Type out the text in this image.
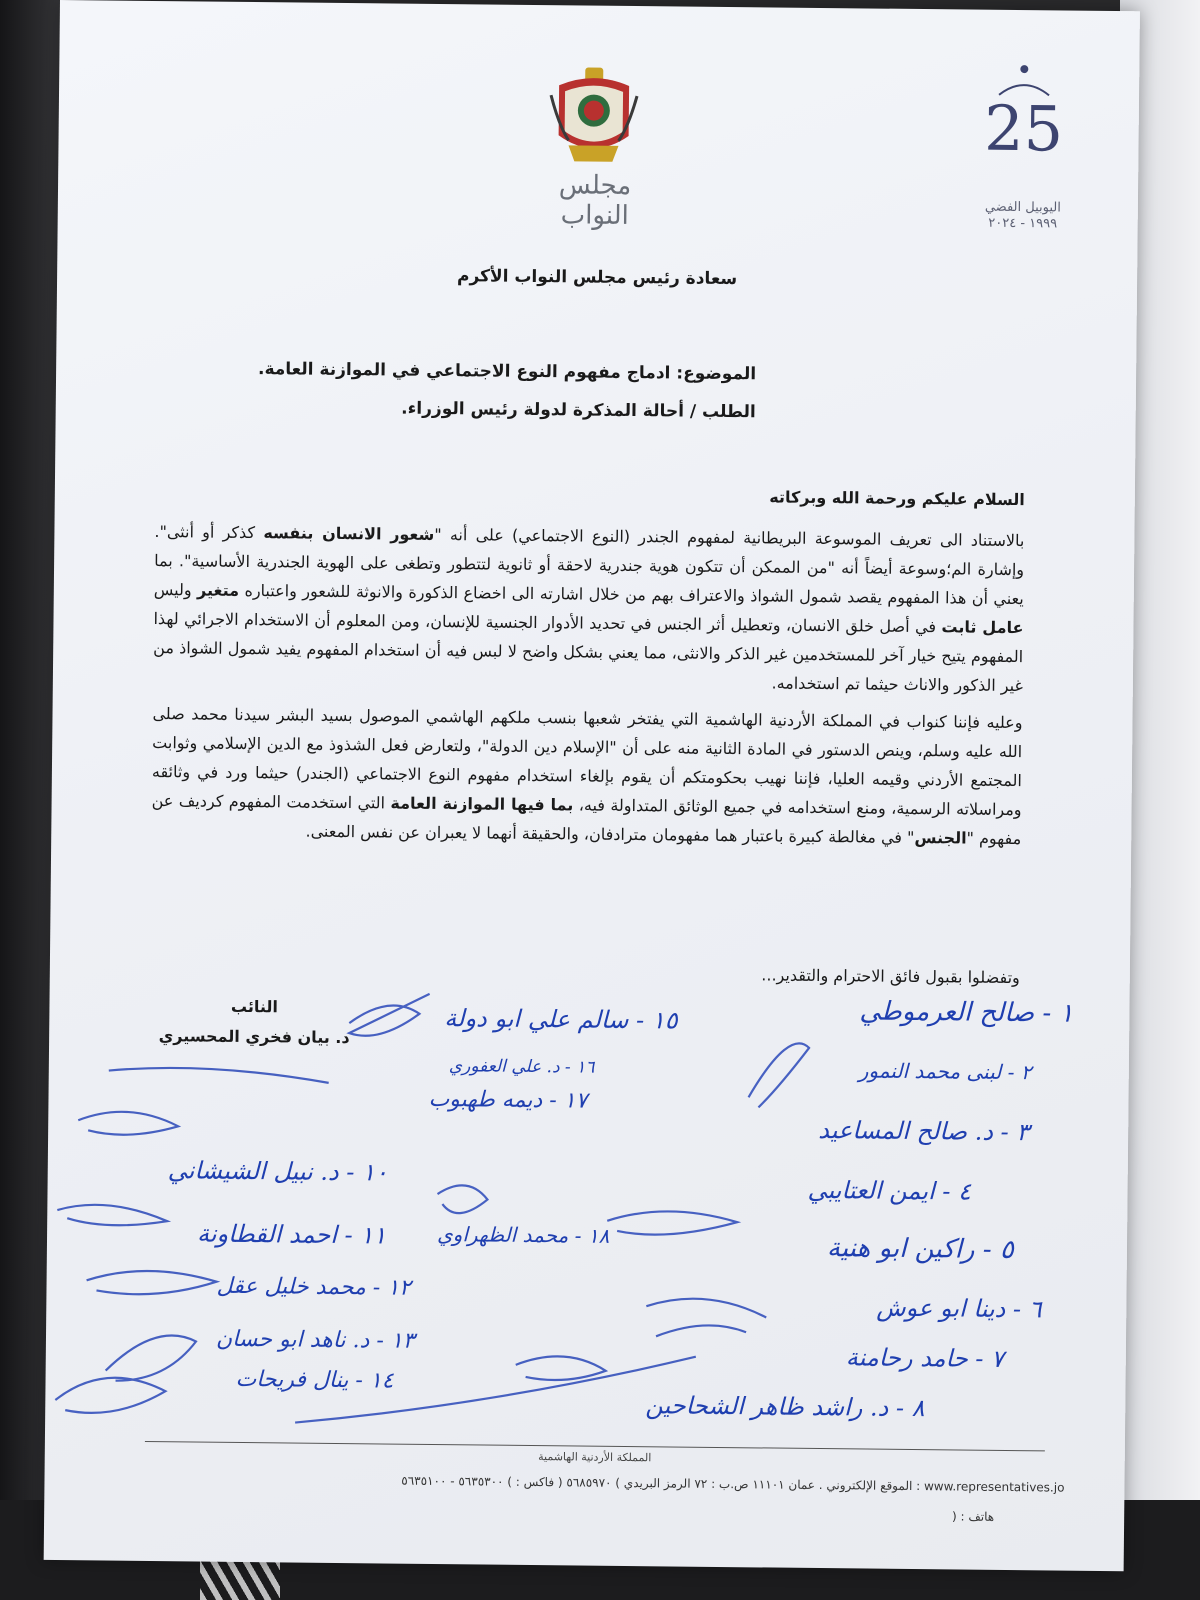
مجلس النواب
25
اليوبيل الفضي
١٩٩٩ - ٢٠٢٤
سعادة رئيس مجلس النواب الأكرم
الموضوع: ادماج مفهوم النوع الاجتماعي في الموازنة العامة.
الطلب / أحالة المذكرة لدولة رئيس الوزراء.
السلام عليكم ورحمة الله وبركاته

بالاستناد الى تعريف الموسوعة البريطانية لمفهوم الجندر (النوع الاجتماعي) على أنه "شعور الانسان بنفسه كذكر أو أنثى". وإشارة الم؛وسوعة أيضاً أنه "من الممكن أن تتكون هوية جندرية لاحقة أو ثانوية لتتطور وتطغى على الهوية الجندرية الأساسية". بما يعني أن هذا المفهوم يقصد شمول الشواذ والاعتراف بهم من خلال اشارته الى اخضاع الذكورة والانوثة للشعور واعتباره متغير وليس عامل ثابت في أصل خلق الانسان، وتعطيل أثر الجنس في تحديد الأدوار الجنسية للإنسان، ومن المعلوم أن الاستخدام الاجرائي لهذا المفهوم يتيح خيار آخر للمستخدمين غير الذكر والانثى، مما يعني بشكل واضح لا لبس فيه أن استخدام المفهوم يفيد شمول الشواذ من غير الذكور والاناث حيثما تم استخدامه.

وعليه فإننا كنواب في المملكة الأردنية الهاشمية التي يفتخر شعبها بنسب ملكهم الهاشمي الموصول بسيد البشر سيدنا محمد صلى الله عليه وسلم، وينص الدستور في المادة الثانية منه على أن "الإسلام دين الدولة"، ولتعارض فعل الشذوذ مع الدين الإسلامي وثوابت المجتمع الأردني وقيمه العليا، فإننا نهيب بحكومتكم أن يقوم بإلغاء استخدام مفهوم النوع الاجتماعي (الجندر) حيثما ورد في وثائقه ومراسلاته الرسمية، ومنع استخدامه في جميع الوثائق المتداولة فيه، بما فيها الموازنة العامة التي استخدمت المفهوم كرديف عن مفهوم "الجنس" في مغالطة كبيرة باعتبار هما مفهومان مترادفان، والحقيقة أنهما لا يعبران عن نفس المعنى.

وتفضلوا بقبول فائق الاحترام والتقدير...
النائب
د. بيان فخري المحسيري
١ - صالح العرموطي
٢ - لبنى محمد النمور
٣ - د. صالح المساعيد
٤ - ايمن العتايبي
٥ - راكين ابو هنية
٦ - دينا ابو عوش
٧ - حامد رحامنة
٨ - د. راشد ظاهر الشحاحين
١٠ - د. نبيل الشيشاني
١١ - احمد القطاونة
١٢ - محمد خليل عقل
١٣ - د. ناهد ابو حسان
١٤ - ينال فريحات
١٥ - سالم علي ابو دولة
١٦ - د. علي العفوري
١٧ - ديمه طهبوب
١٨ - محمد الظهراوي
المملكة الأردنية الهاشمية
www.representatives.jo : الموقع الإلكتروني . عمان ١١١٠١ ص.ب : ٧٢ الرمز البريدي ) ٥٦٨٥٩٧٠ ( فاكس : ) ٥٦٣٥٣٠٠ - ٥٦٣٥١٠٠
هاتف : (
